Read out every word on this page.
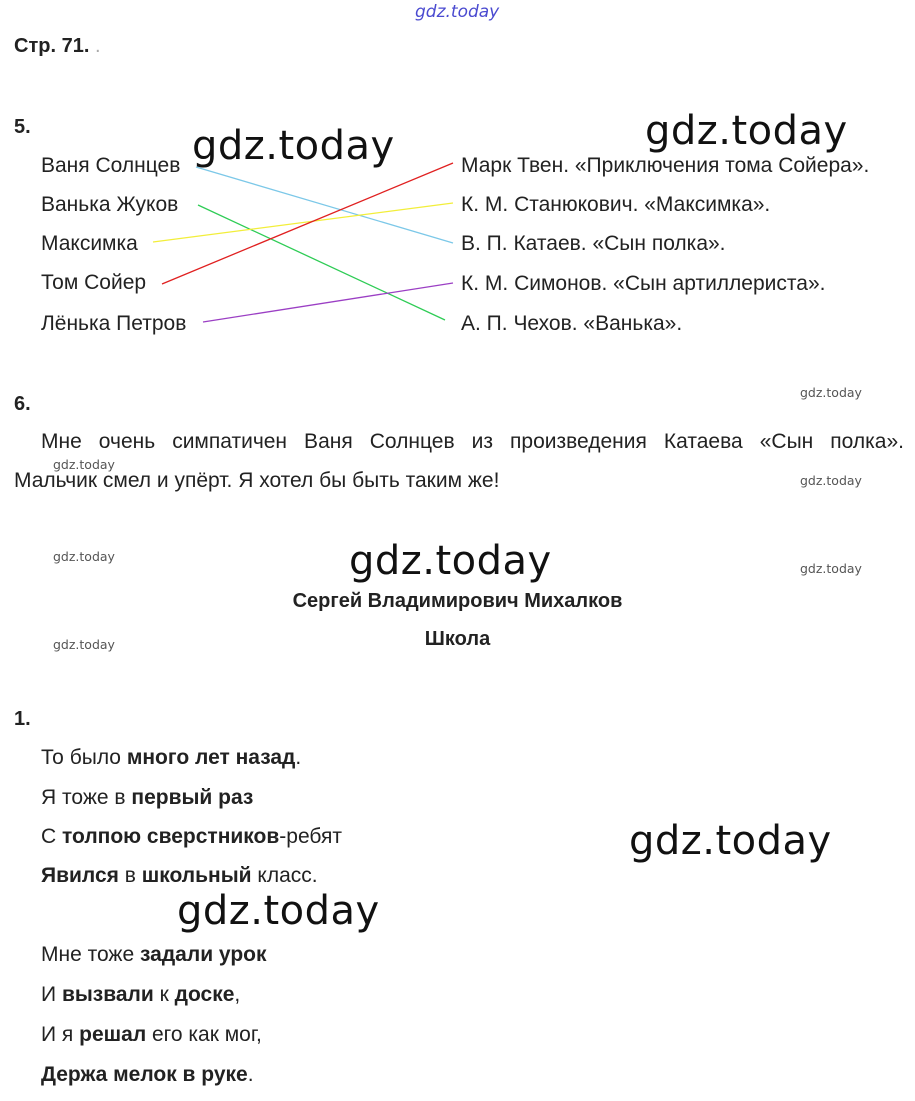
gdz.today
Стр. 71. .
5.
Ваня Солнцев
Ванька Жуков
Максимка
Том Сойер
Лёнька Петров
Марк Твен. «Приключения тома Сойера».
К. М. Станюкович. «Максимка».
В. П. Катаев. «Сын полка».
К. М. Симонов. «Сын артиллериста».
А. П. Чехов. «Ванька».
gdz.today	gdz.today
6.
gdz.today
Мне очень симпатичен Ваня Солнцев из произведения Катаева «Сын полка».
gdz.today
Мальчик смел и упёрт. Я хотел бы быть таким же!	gdz.today
gdz.today	gdz.today	gdz.today
Сергей Владимирович Михалков
gdz.today	Школа
1.
То было много лет назад.
Я тоже в первый раз
С толпою сверстников-ребят
Явился в школьный класс.
Мне тоже задали урок
И вызвали к доске,
И я решал его как мог,
Держа мелок в руке.
gdz.today
gdz.today
